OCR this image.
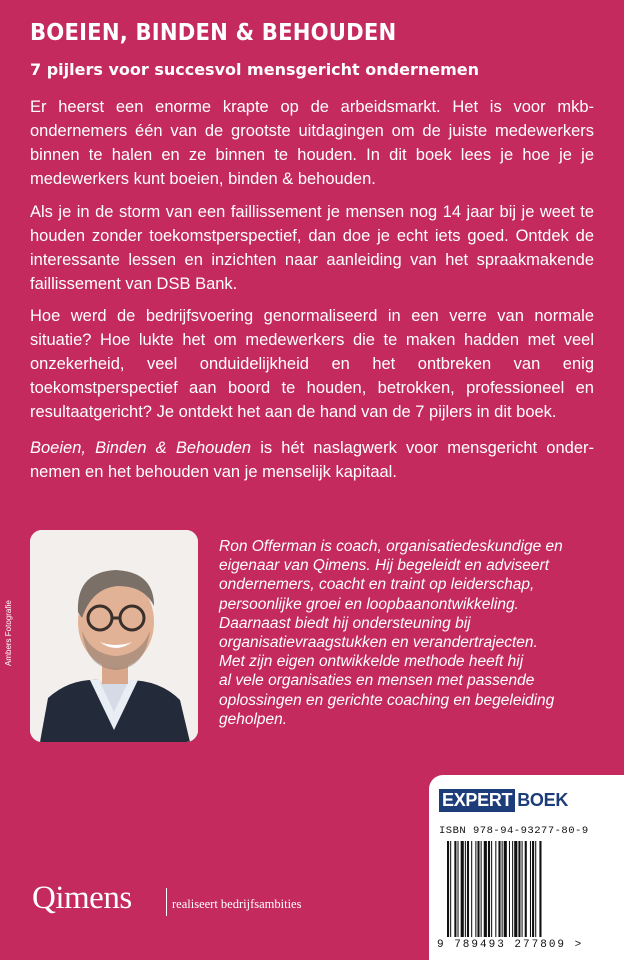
BOEIEN, BINDEN & BEHOUDEN
7 pijlers voor succesvol mensgericht ondernemen

Er heerst een enorme krapte op de arbeidsmarkt. Het is voor mkb-ondernemers één van de grootste uitdagingen om de juiste medewerkers binnen te halen en ze binnen te houden. In dit boek lees je hoe je je medewerkers kunt boeien, binden & behouden.

Als je in de storm van een faillissement je mensen nog 14 jaar bij je weet te houden zonder toekomstperspectief, dan doe je echt iets goed. Ontdek de interessante lessen en inzichten naar aanleiding van het spraakmakende faillissement van DSB Bank.

Hoe werd de bedrijfsvoering genormaliseerd in een verre van normale situatie? Hoe lukte het om medewerkers die te maken hadden met veel onzekerheid, veel onduidelijkheid en het ontbreken van enig toekomstperspectief aan boord te houden, betrokken, professioneel en resultaatgericht? Je ontdekt het aan de hand van de 7 pijlers in dit boek.

Boeien, Binden & Behouden is hét naslagwerk voor mensgericht ondernemen en het behouden van je menselijk kapitaal.

Ambers Fotografie
Ron Offerman is coach, organisatiedeskundige en
eigenaar van Qimens. Hij begeleidt en adviseert
ondernemers, coacht en traint op leiderschap,
persoonlijke groei en loopbaanontwikkeling.
Daarnaast biedt hij ondersteuning bij
organisatievraagstukken en verandertrajecten.
Met zijn eigen ontwikkelde methode heeft hij
al vele organisaties en mensen met passende
oplossingen en gerichte coaching en begeleiding
geholpen.
Qimens	realiseert bedrijfsambities
EXPERT BOEK
ISBN 978-94-93277-80-9
9 789493 277809 >
